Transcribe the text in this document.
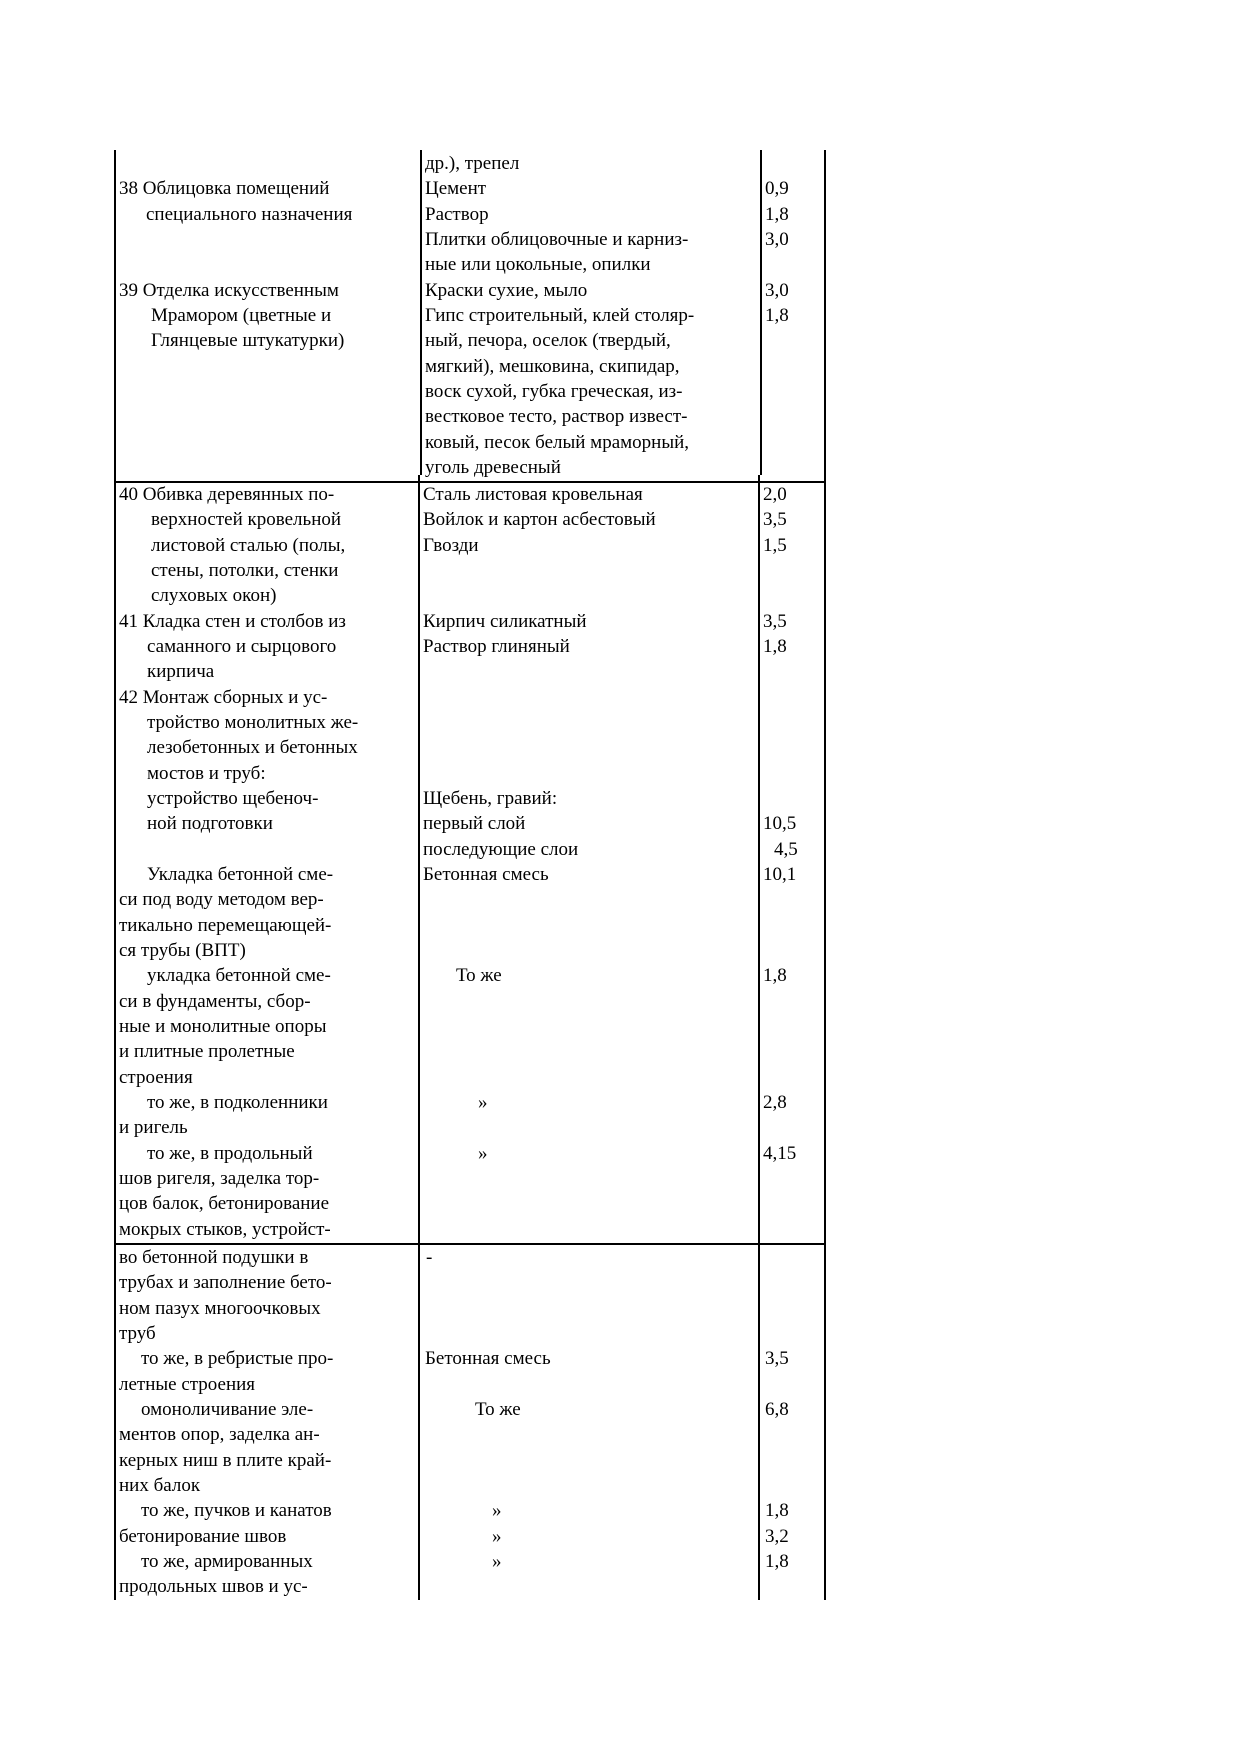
38 Облицовка помещений
специального назначения
39 Отделка искусственным
Мрамором (цветные и
Глянцевые штукатурки)
40 Обивка деревянных по-
верхностей кровельной
листовой сталью (полы,
стены, потолки, стенки
слуховых окон)
41 Кладка стен и столбов из
саманного и сырцового
кирпича
42 Монтаж сборных и ус-
тройство монолитных же-
лезобетонных и бетонных
мостов и труб:
устройство щебеноч-
ной подготовки
Укладка бетонной сме-
си под воду методом вер-
тикально перемещающей-
ся трубы (ВПТ)
укладка бетонной сме-
си в фундаменты, сбор-
ные и монолитные опоры
и плитные пролетные
строения
то же, в подколенники
и ригель
то же, в продольный
шов ригеля, заделка тор-
цов балок, бетонирование
мокрых стыков, устройст-
во бетонной подушки в
трубах и заполнение бето-
ном пазух многоочковых
труб
то же, в ребристые про-
летные строения
омоноличивание эле-
ментов опор, заделка ан-
керных ниш в плите край-
них балок
то же, пучков и канатов
бетонирование швов
то же, армированных
продольных швов и ус-
др.), трепел
Цемент
Раствор
Плитки облицовочные и карниз-
ные или цокольные, опилки
Краски сухие, мыло
Гипс строительный, клей столяр-
ный, печора, оселок (твердый,
мягкий), мешковина, скипидар,
воск сухой, губка греческая, из-
вестковое тесто, раствор извест-
ковый, песок белый мраморный,
уголь древесный
Сталь листовая кровельная
Войлок и картон асбестовый
Гвозди
Кирпич силикатный
Раствор глиняный
Щебень, гравий:
первый слой
последующие слои
Бетонная смесь
То же
»
»
-
Бетонная смесь
То же
»
»
»
0,9
1,8
3,0
3,0
1,8
2,0
3,5
1,5
3,5
1,8
10,5
4,5
10,1
1,8
2,8
4,15
3,5
6,8
1,8
3,2
1,8
